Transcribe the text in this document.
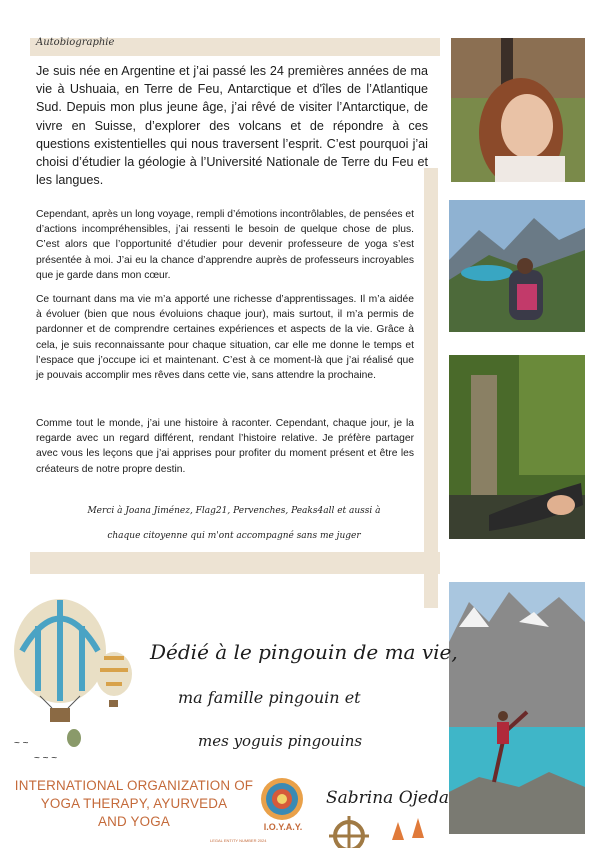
Autobiographie
Je suis née en Argentine et j’ai passé les 24 premières années de ma vie à Ushuaia, en Terre de Feu, Antarctique et d'îles de l’Atlantique Sud. Depuis mon plus jeune âge, j’ai rêvé de visiter l’Antarctique, de vivre en Suisse, d’explorer des volcans et de répondre à ces questions existentielles qui nous traversent l’esprit. C’est pourquoi j’ai choisi d’étudier la géologie à l’Université Nationale de Terre du Feu et les langues.
Cependant, après un long voyage, rempli d’émotions incontrôlables, de pensées et d’actions incompréhensibles, j’ai ressenti le besoin de quelque chose de plus. C’est alors que l’opportunité d’étudier pour devenir professeure de yoga s’est présentée à moi. J’ai eu la chance d’apprendre auprès de professeurs incroyables que je garde dans mon cœur.
Ce tournant dans ma vie m’a apporté une richesse d’apprentissages. Il m’a aidée à évoluer (bien que nous évoluions chaque jour), mais surtout, il m’a permis de pardonner et de comprendre certaines expériences et aspects de la vie. Grâce à cela, je suis reconnaissante pour chaque situation, car elle me donne le temps et l’espace que j’occupe ici et maintenant. C’est à ce moment-là que j’ai réalisé que je pouvais accomplir mes rêves dans cette vie, sans attendre la prochaine.
Comme tout le monde, j’ai une histoire à raconter. Cependant, chaque jour, je la regarde avec un regard différent, rendant l’histoire relative. Je préfère partager avec vous les leçons que j’ai apprises pour profiter du moment présent et être les créateurs de notre propre destin.
Merci à Joana Jiménez, Flag21, Pervenches, Peaks4all et aussi à
chaque citoyenne qui m'ont accompagné sans me juger
~ ~
~ ~ ~
Dédié à le pingouin de ma vie,
ma famille pingouin et
mes yoguis pingouins
INTERNATIONAL ORGANIZATION OF
YOGA THERAPY, AYURVEDA
AND YOGA
LEGAL ENTITY NUMBER 2024
I.O.Y.A.Y.
Sabrina Ojeda
